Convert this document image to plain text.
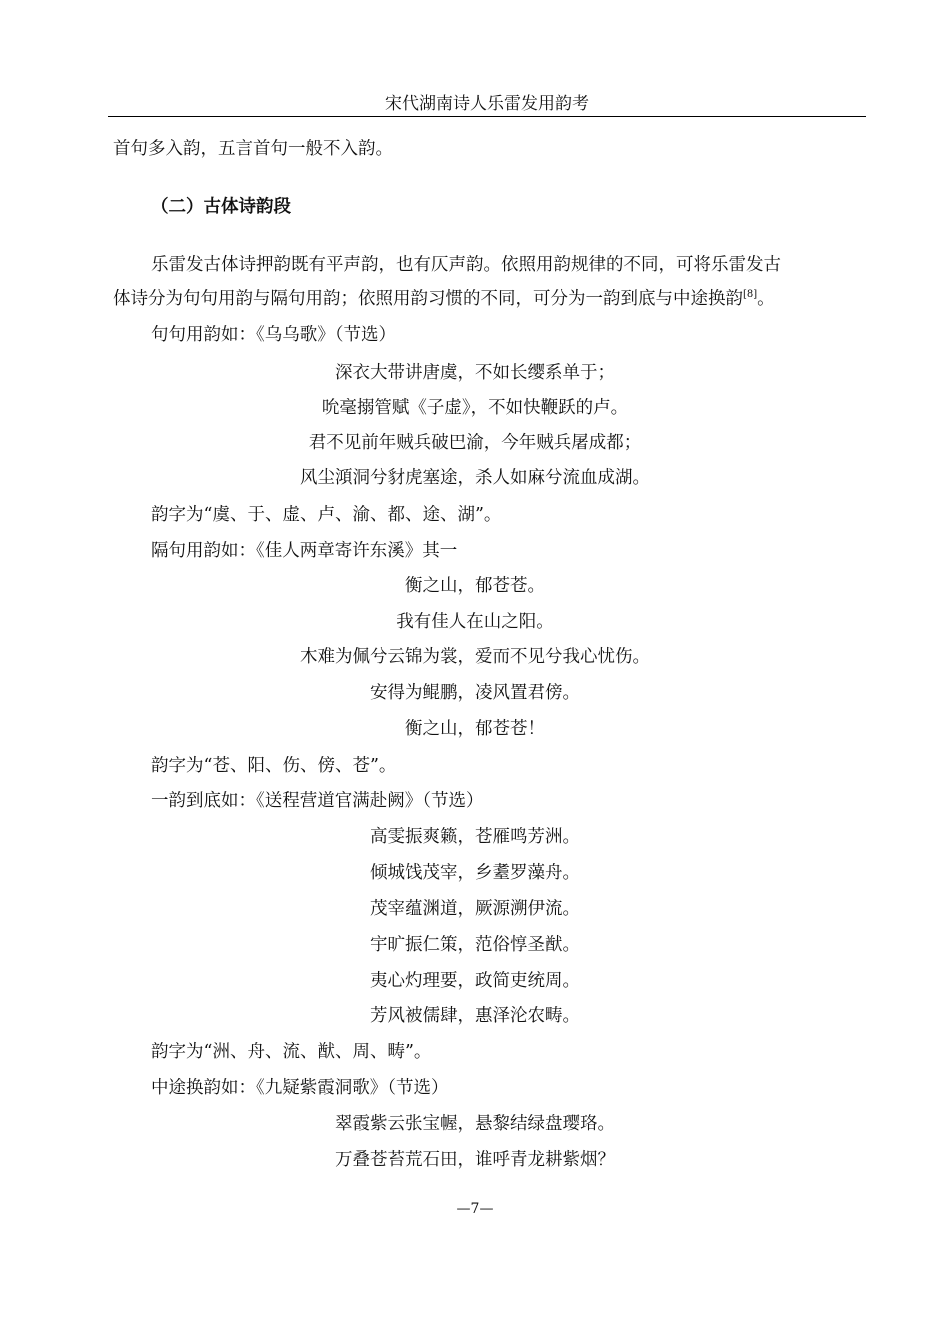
宋代湖南诗人乐雷发用韵考
首句多入韵，五言首句一般不入韵。
（二）古体诗韵段
乐雷发古体诗押韵既有平声韵，也有仄声韵。依照用韵规律的不同，可将乐雷发古
体诗分为句句用韵与隔句用韵；依照用韵习惯的不同，可分为一韵到底与中途换韵[8]。
句句用韵如：《乌乌歌》（节选）
深衣大带讲唐虞，不如长缨系单于；
吮毫搦管赋《子虚》，不如快鞭跃的卢。
君不见前年贼兵破巴渝，今年贼兵屠成都；
风尘澒洞兮豺虎塞途，杀人如麻兮流血成湖。
韵字为“虞、于、虚、卢、渝、都、途、湖”。
隔句用韵如：《佳人两章寄许东溪》其一
衡之山，郁苍苍。
我有佳人在山之阳。
木难为佩兮云锦为裳，爱而不见兮我心忧伤。
安得为鲲鹏，凌风置君傍。
衡之山，郁苍苍！
韵字为“苍、阳、伤、傍、苍”。
一韵到底如：《送程营道官满赴阙》（节选）
高雯振爽籁，苍雁鸣芳洲。
倾城饯茂宰，乡耋罗藻舟。
茂宰蕴渊道，厥源溯伊流。
宇旷振仁策，范俗惇圣猷。
夷心灼理要，政简吏统周。
芳风被儒肆，惠泽沦农畴。
韵字为“洲、舟、流、猷、周、畴”。
中途换韵如：《九疑紫霞洞歌》（节选）
翠霞紫云张宝幄，悬黎结绿盘璎珞。
万叠苍苔荒石田，谁呼青龙耕紫烟？
—7—
